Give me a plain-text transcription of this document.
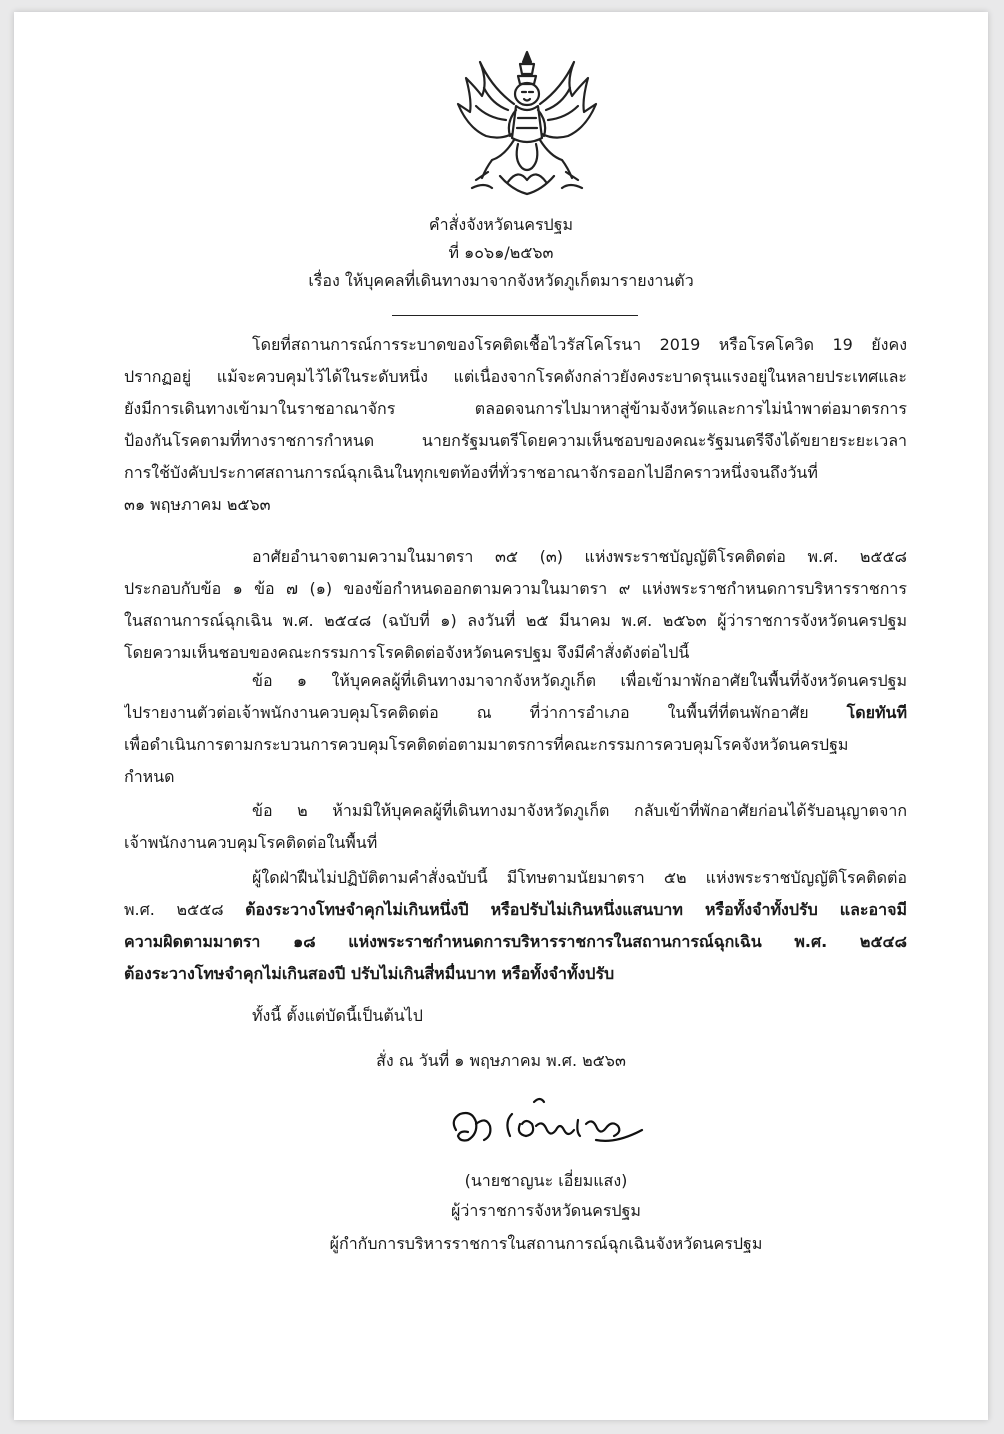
คำสั่งจังหวัดนครปฐม
ที่ ๑๐๖๑/๒๕๖๓
เรื่อง ให้บุคคลที่เดินทางมาจากจังหวัดภูเก็ตมารายงานตัว
โดยที่สถานการณ์การระบาดของโรคติดเชื้อไวรัสโคโรนา 2019 หรือโรคโควิด 19 ยังคง
ปรากฏอยู่ แม้จะควบคุมไว้ได้ในระดับหนึ่ง แต่เนื่องจากโรคดังกล่าวยังคงระบาดรุนแรงอยู่ในหลายประเทศและ
ยังมีการเดินทางเข้ามาในราชอาณาจักร ตลอดจนการไปมาหาสู่ข้ามจังหวัดและการไม่นำพาต่อมาตรการ
ป้องกันโรคตามที่ทางราชการกำหนด นายกรัฐมนตรีโดยความเห็นชอบของคณะรัฐมนตรีจึงได้ขยายระยะเวลา
การใช้บังคับประกาศสถานการณ์ฉุกเฉินในทุกเขตท้องที่ทั่วราชอาณาจักรออกไปอีกคราวหนึ่งจนถึงวันที่
๓๑ พฤษภาคม ๒๕๖๓
อาศัยอำนาจตามความในมาตรา ๓๕ (๓) แห่งพระราชบัญญัติโรคติดต่อ พ.ศ. ๒๕๕๘
ประกอบกับข้อ ๑ ข้อ ๗ (๑) ของข้อกำหนดออกตามความในมาตรา ๙ แห่งพระราชกำหนดการบริหารราชการ
ในสถานการณ์ฉุกเฉิน พ.ศ. ๒๕๔๘ (ฉบับที่ ๑) ลงวันที่ ๒๕ มีนาคม พ.ศ. ๒๕๖๓ ผู้ว่าราชการจังหวัดนครปฐม
โดยความเห็นชอบของคณะกรรมการโรคติดต่อจังหวัดนครปฐม จึงมีคำสั่งดังต่อไปนี้
ข้อ ๑ ให้บุคคลผู้ที่เดินทางมาจากจังหวัดภูเก็ต เพื่อเข้ามาพักอาศัยในพื้นที่จังหวัดนครปฐม
ไปรายงานตัวต่อเจ้าพนักงานควบคุมโรคติดต่อ ณ ที่ว่าการอำเภอ ในพื้นที่ที่ตนพักอาศัย โดยทันที
เพื่อดำเนินการตามกระบวนการควบคุมโรคติดต่อตามมาตรการที่คณะกรรมการควบคุมโรคจังหวัดนครปฐม
กำหนด
ข้อ ๒ ห้ามมิให้บุคคลผู้ที่เดินทางมาจังหวัดภูเก็ต กลับเข้าที่พักอาศัยก่อนได้รับอนุญาตจาก
เจ้าพนักงานควบคุมโรคติดต่อในพื้นที่
ผู้ใดฝ่าฝืนไม่ปฏิบัติตามคำสั่งฉบับนี้ มีโทษตามนัยมาตรา ๕๒ แห่งพระราชบัญญัติโรคติดต่อ
พ.ศ. ๒๕๕๘ ต้องระวางโทษจำคุกไม่เกินหนึ่งปี หรือปรับไม่เกินหนึ่งแสนบาท หรือทั้งจำทั้งปรับ และอาจมี
ความผิดตามมาตรา ๑๘ แห่งพระราชกำหนดการบริหารราชการในสถานการณ์ฉุกเฉิน พ.ศ. ๒๕๔๘
ต้องระวางโทษจำคุกไม่เกินสองปี ปรับไม่เกินสี่หมื่นบาท หรือทั้งจำทั้งปรับ
ทั้งนี้ ตั้งแต่บัดนี้เป็นต้นไป
สั่ง ณ วันที่ ๑ พฤษภาคม พ.ศ. ๒๕๖๓
(นายชาญนะ เอี่ยมแสง)
ผู้ว่าราชการจังหวัดนครปฐม
ผู้กำกับการบริหารราชการในสถานการณ์ฉุกเฉินจังหวัดนครปฐม
